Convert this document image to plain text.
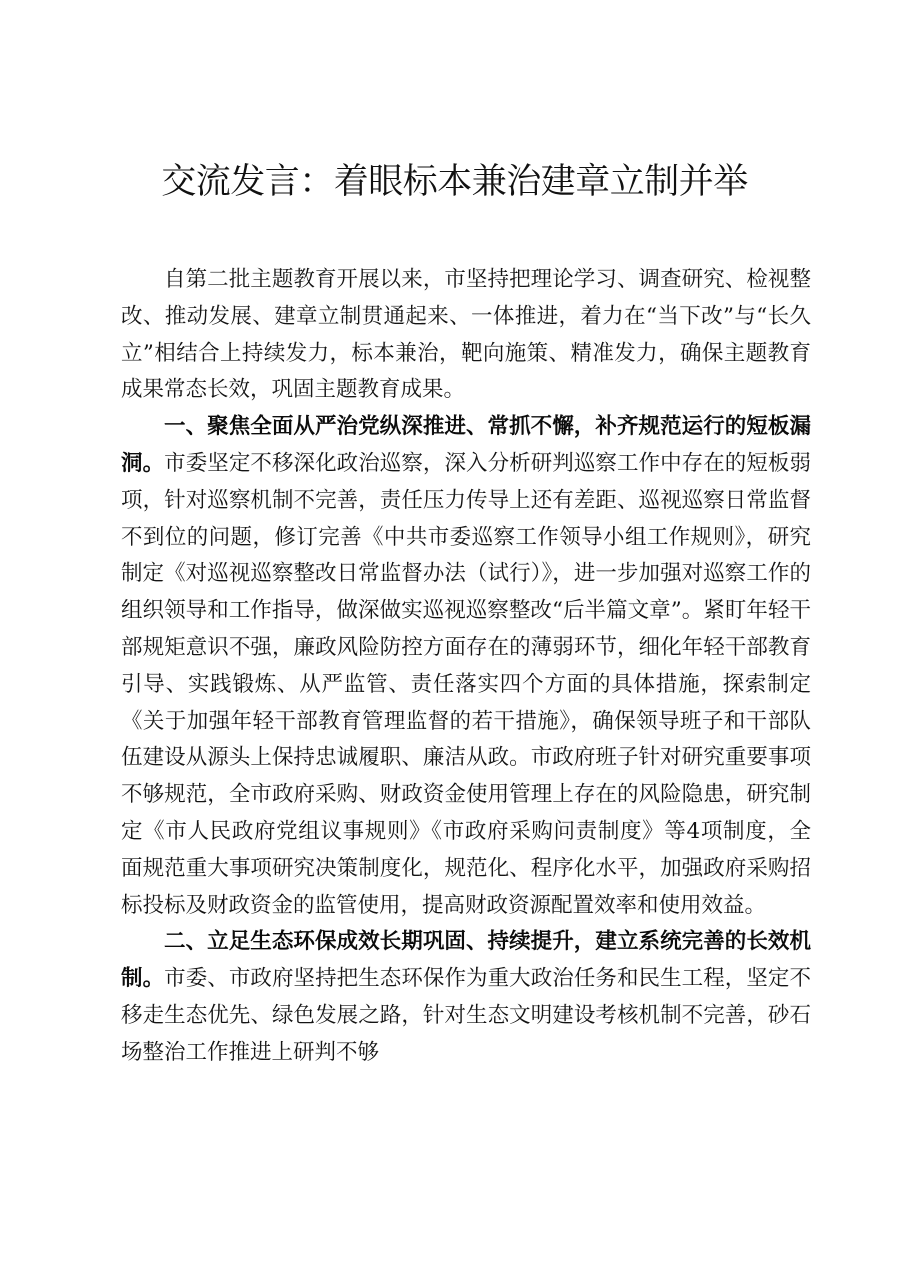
交流发言：着眼标本兼治建章立制并举

自第二批主题教育开展以来，市坚持把理论学习、调查研究、检视整改、推动发展、建章立制贯通起来、一体推进，着力在“当下改”与“长久立”相结合上持续发力，标本兼治，靶向施策、精准发力，确保主题教育成果常态长效，巩固主题教育成果。

一、聚焦全面从严治党纵深推进、常抓不懈，补齐规范运行的短板漏洞。市委坚定不移深化政治巡察，深入分析研判巡察工作中存在的短板弱项，针对巡察机制不完善，责任压力传导上还有差距、巡视巡察日常监督不到位的问题，修订完善《中共市委巡察工作领导小组工作规则》，研究制定《对巡视巡察整改日常监督办法（试行）》，进一步加强对巡察工作的组织领导和工作指导，做深做实巡视巡察整改“后半篇文章”。紧盯年轻干部规矩意识不强，廉政风险防控方面存在的薄弱环节，细化年轻干部教育引导、实践锻炼、从严监管、责任落实四个方面的具体措施，探索制定《关于加强年轻干部教育管理监督的若干措施》，确保领导班子和干部队伍建设从源头上保持忠诚履职、廉洁从政。市政府班子针对研究重要事项不够规范，全市政府采购、财政资金使用管理上存在的风险隐患，研究制定《市人民政府党组议事规则》《市政府采购问责制度》等4项制度，全面规范重大事项研究决策制度化，规范化、程序化水平，加强政府采购招标投标及财政资金的监管使用，提高财政资源配置效率和使用效益。

二、立足生态环保成效长期巩固、持续提升，建立系统完善的长效机制。市委、市政府坚持把生态环保作为重大政治任务和民生工程，坚定不移走生态优先、绿色发展之路，针对生态文明建设考核机制不完善，砂石场整治工作推进上研判不够
